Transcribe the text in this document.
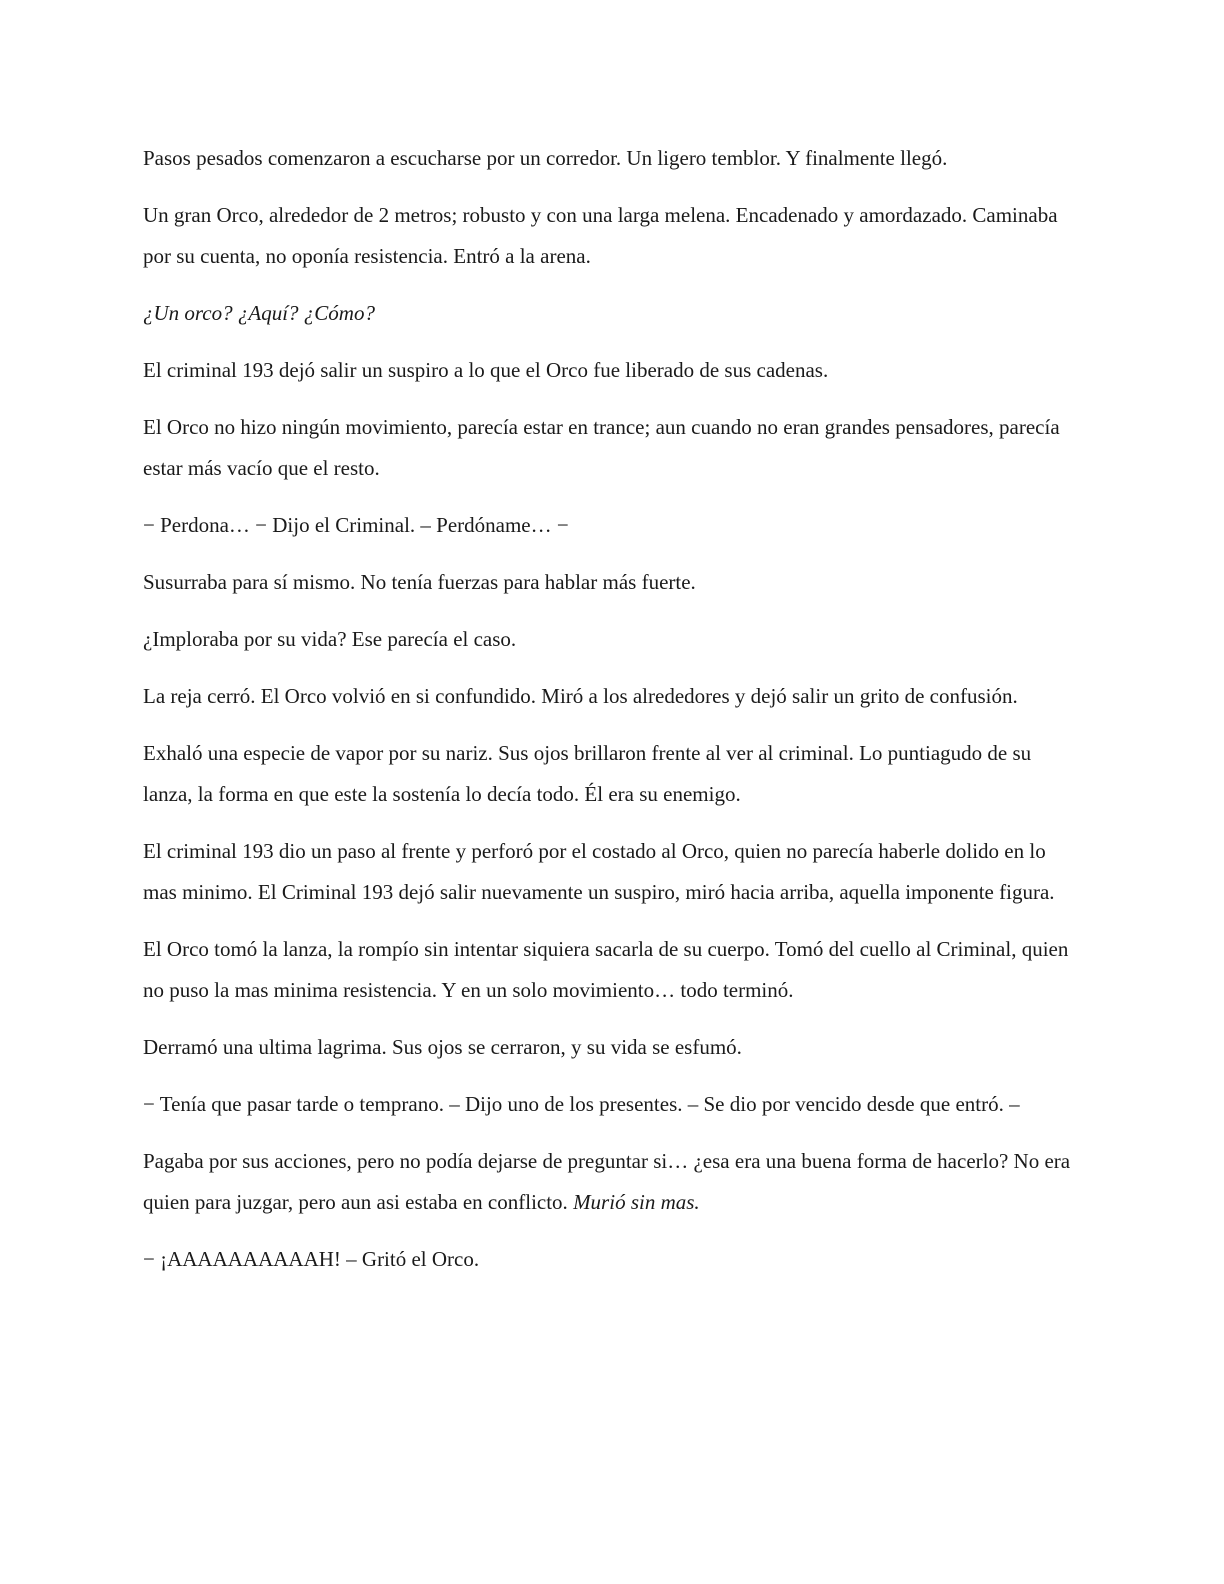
Pasos pesados comenzaron a escucharse por un corredor. Un ligero temblor. Y finalmente llegó.

Un gran Orco, alrededor de 2 metros; robusto y con una larga melena. Encadenado y amordazado. Caminaba por su cuenta, no oponía resistencia. Entró a la arena.

¿Un orco? ¿Aquí? ¿Cómo?

El criminal 193 dejó salir un suspiro a lo que el Orco fue liberado de sus cadenas.

El Orco no hizo ningún movimiento, parecía estar en trance; aun cuando no eran grandes pensadores, parecía estar más vacío que el resto.

− Perdona… − Dijo el Criminal. – Perdóname… −

Susurraba para sí mismo. No tenía fuerzas para hablar más fuerte.

¿Imploraba por su vida? Ese parecía el caso.

La reja cerró. El Orco volvió en si confundido. Miró a los alrededores y dejó salir un grito de confusión.

Exhaló una especie de vapor por su nariz. Sus ojos brillaron frente al ver al criminal. Lo puntiagudo de su lanza, la forma en que este la sostenía lo decía todo. Él era su enemigo.

El criminal 193 dio un paso al frente y perforó por el costado al Orco, quien no parecía haberle dolido en lo mas minimo. El Criminal 193 dejó salir nuevamente un suspiro, miró hacia arriba, aquella imponente figura.

El Orco tomó la lanza, la rompío sin intentar siquiera sacarla de su cuerpo. Tomó del cuello al Criminal, quien no puso la mas minima resistencia. Y en un solo movimiento… todo terminó.

Derramó una ultima lagrima. Sus ojos se cerraron, y su vida se esfumó.

− Tenía que pasar tarde o temprano. – Dijo uno de los presentes. – Se dio por vencido desde que entró. –

Pagaba por sus acciones, pero no podía dejarse de preguntar si… ¿esa era una buena forma de hacerlo? No era quien para juzgar, pero aun asi estaba en conflicto. Murió sin mas.

− ¡AAAAAAAAAAH! – Gritó el Orco.
